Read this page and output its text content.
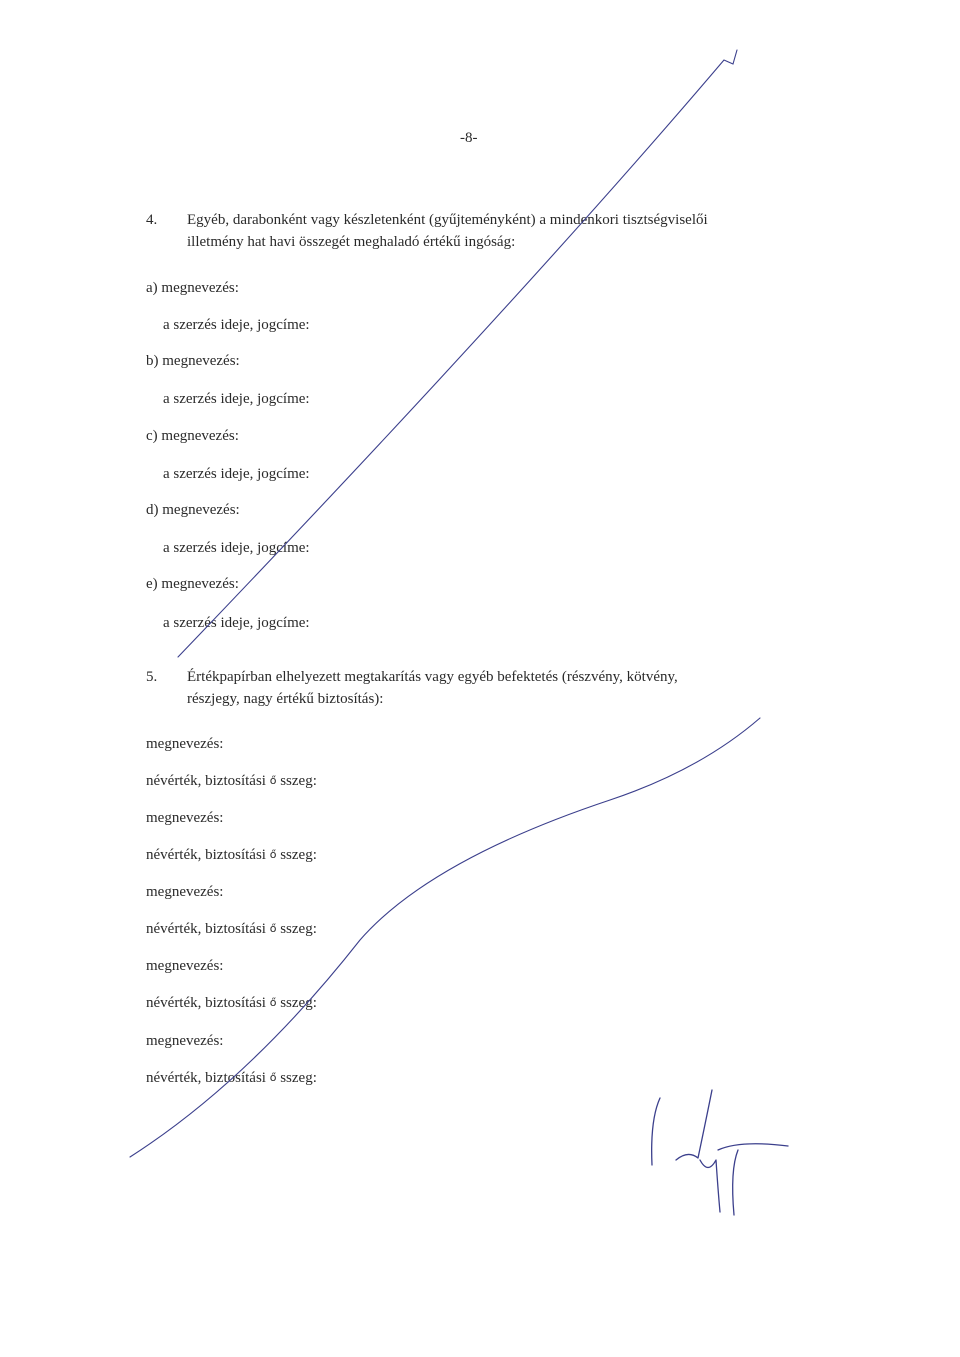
-8-
4. Egyéb, darabonként vagy készletenként (gyűjteményként) a mindenkori tisztségviselői
illetmény hat havi összegét meghaladó értékű ingóság:
a) megnevezés:
a szerzés ideje, jogcíme:
b) megnevezés:
a szerzés ideje, jogcíme:
c) megnevezés:
a szerzés ideje, jogcíme:
d) megnevezés:
a szerzés ideje, jogcíme:
e) megnevezés:
a szerzés ideje, jogcíme:
5. Értékpapírban elhelyezett megtakarítás vagy egyéb befektetés (részvény, kötvény,
részjegy, nagy értékű biztosítás):
megnevezés:
névérték, biztosítási ő sszeg:
megnevezés:
névérték, biztosítási ő sszeg:
megnevezés:
névérték, biztosítási ő sszeg:
megnevezés:
névérték, biztosítási ő sszeg:
megnevezés:
névérték, biztosítási ő sszeg:
